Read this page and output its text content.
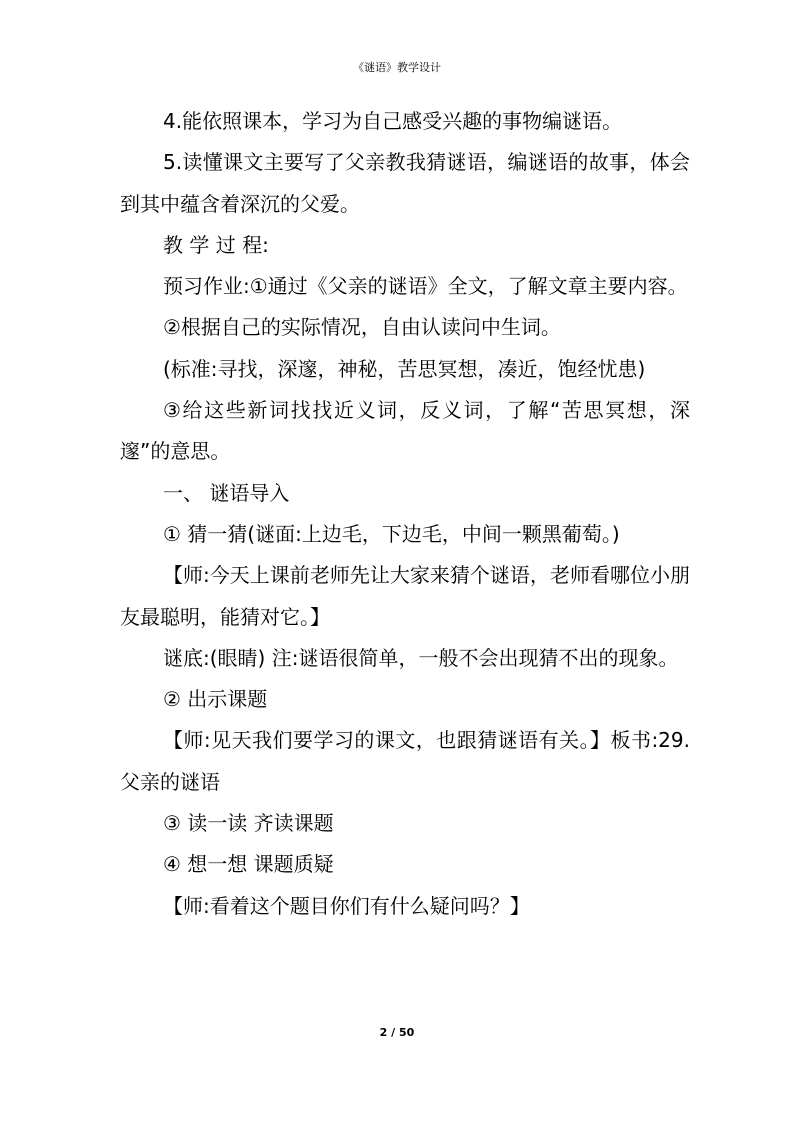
《谜语》教学设计

4.能依照课本，学习为自己感受兴趣的事物编谜语。

5.读懂课文主要写了父亲教我猜谜语，编谜语的故事，体会到其中蕴含着深沉的父爱。

教 学 过 程:

预习作业:①通过《父亲的谜语》全文，了解文章主要内容。

②根据自己的实际情况，自由认读问中生词。

(标准:寻找，深邃，神秘，苦思冥想，凑近，饱经忧患)

③给这些新词找找近义词，反义词，了解“苦思冥想，深邃”的意思。

一、 谜语导入

① 猜一猜(谜面:上边毛，下边毛，中间一颗黑葡萄。)

【师:今天上课前老师先让大家来猜个谜语，老师看哪位小朋友最聪明，能猜对它。】

谜底:(眼睛) 注:谜语很简单，一般不会出现猜不出的现象。

② 出示课题

【师:见天我们要学习的课文，也跟猜谜语有关。】板书:29.父亲的谜语

③ 读一读 齐读课题

④ 想一想 课题质疑

【师:看着这个题目你们有什么疑问吗？】

2 / 50
